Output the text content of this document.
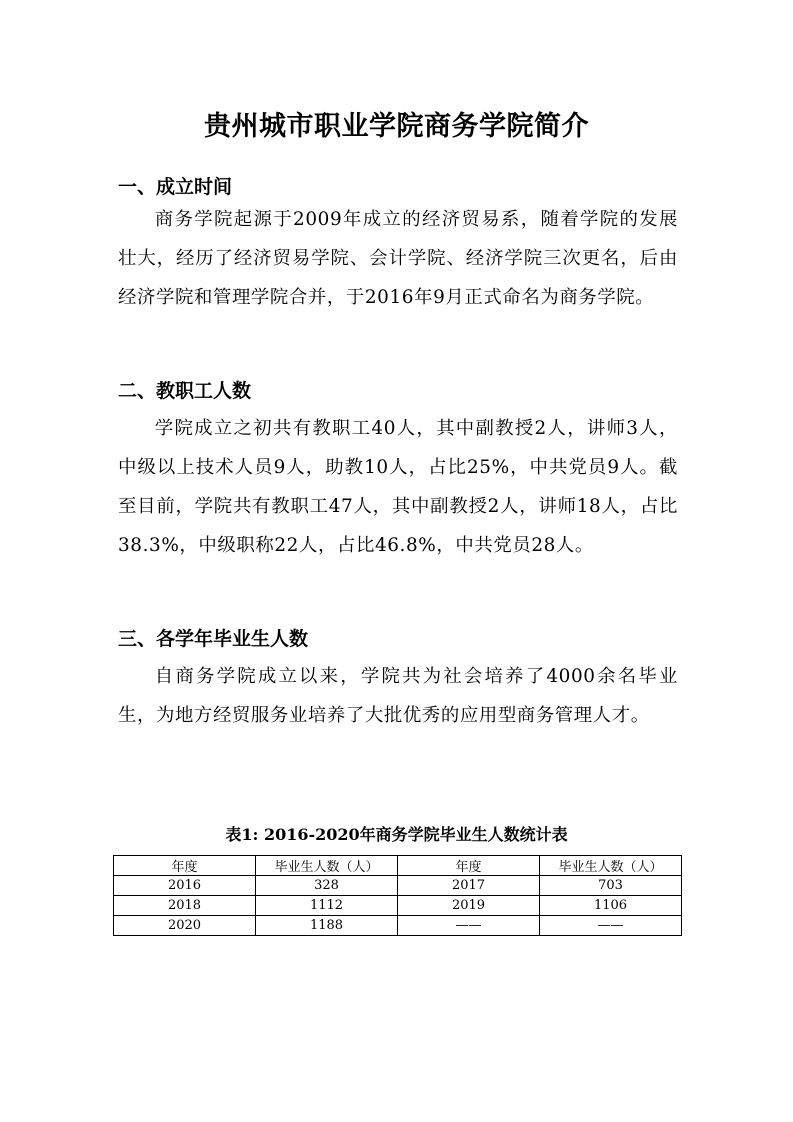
贵州城市职业学院商务学院简介
一、成立时间

商务学院起源于2009年成立的经济贸易系，随着学院的发展壮大，经历了经济贸易学院、会计学院、经济学院三次更名，后由经济学院和管理学院合并，于2016年9月正式命名为商务学院。

二、教职工人数

学院成立之初共有教职工40人，其中副教授2人，讲师3人，中级以上技术人员9人，助教10人，占比25%，中共党员9人。截至目前，学院共有教职工47人，其中副教授2人，讲师18人，占比38.3%，中级职称22人，占比46.8%，中共党员28人。

三、各学年毕业生人数

自商务学院成立以来，学院共为社会培养了4000余名毕业生，为地方经贸服务业培养了大批优秀的应用型商务管理人才。

表1: 2016-2020年商务学院毕业生人数统计表
年度	毕业生人数（人）	年度	毕业生人数（人）
2016	328	2017	703
2018	1112	2019	1106
2020	1188	——	——
